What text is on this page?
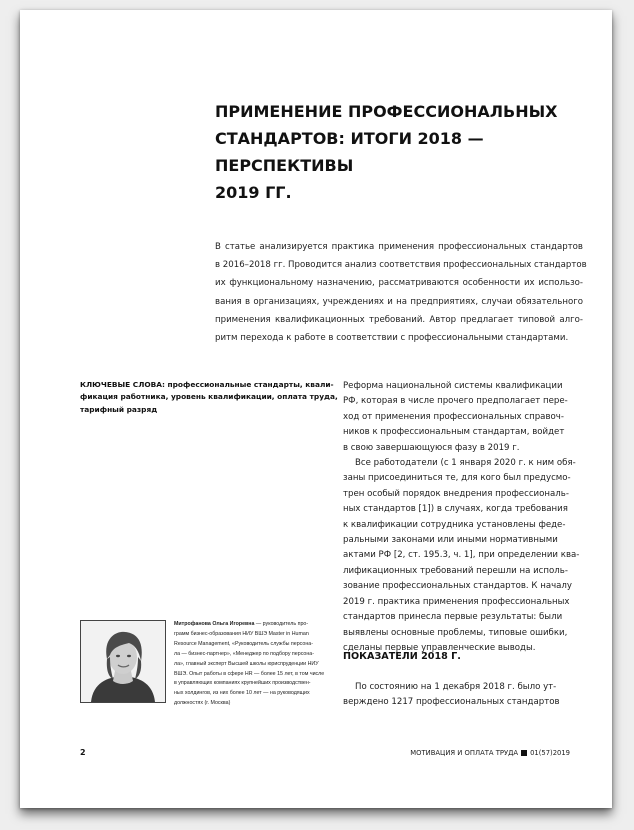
ПРИМЕНЕНИЕ ПРОФЕССИОНАЛЬНЫХ
СТАНДАРТОВ: ИТОГИ 2018 — ПЕРСПЕКТИВЫ
2019 ГГ.

В статье анализируется практика применения профессиональных стандартов
в 2016–2018 гг. Проводится анализ соответствия профессиональных стандартов
их функциональному назначению, рассматриваются особенности их использо-
вания в организациях, учреждениях и на предприятиях, случаи обязательного
применения квалификационных требований. Автор предлагает типовой алго-
ритм перехода к работе в соответствии с профессиональными стандартами.

КЛЮЧЕВЫЕ СЛОВА: профессиональные стандарты, квали-
фикация работника, уровень квалификации, оплата труда,
тарифный разряд

Реформа национальной системы квалификации
РФ, которая в числе прочего предполагает пере-
ход от применения профессиональных справоч-
ников к профессиональным стандартам, войдет
в свою завершающуюся фазу в 2019 г.

Все работодатели (с 1 января 2020 г. к ним обя-
заны присоединиться те, для кого был предусмо-
трен особый порядок внедрения профессиональ-
ных стандартов [1]) в случаях, когда требования
к квалификации сотрудника установлены феде-
ральными законами или иными нормативными
актами РФ [2, ст. 195.3, ч. 1], при определении ква-
лификационных требований перешли на исполь-
зование профессиональных стандартов. К началу
2019 г. практика применения профессиональных
стандартов принесла первые результаты: были
выявлены основные проблемы, типовые ошибки,
сделаны первые управленческие выводы.

ПОКАЗАТЕЛИ 2018 Г.

По состоянию на 1 декабря 2018 г. было ут-
верждено 1217 профессиональных стандартов

Митрофанова Ольга Игоревна — руководитель про-
грамм бизнес-образования НИУ ВШЭ Master in Human
Resource Management, «Руководитель службы персона-
ла — бизнес-партнер», «Менеджер по подбору персона-
ла», главный эксперт Высшей школы юриспруденции НИУ
ВШЭ. Опыт работы в сфере HR — более 15 лет, в том числе
в управляющих компаниях крупнейших производствен-
ных холдингов, из них более 10 лет — на руководящих
должностях (г. Москва)

2	МОТИВАЦИЯ И ОПЛАТА ТРУДА 01(57)2019
